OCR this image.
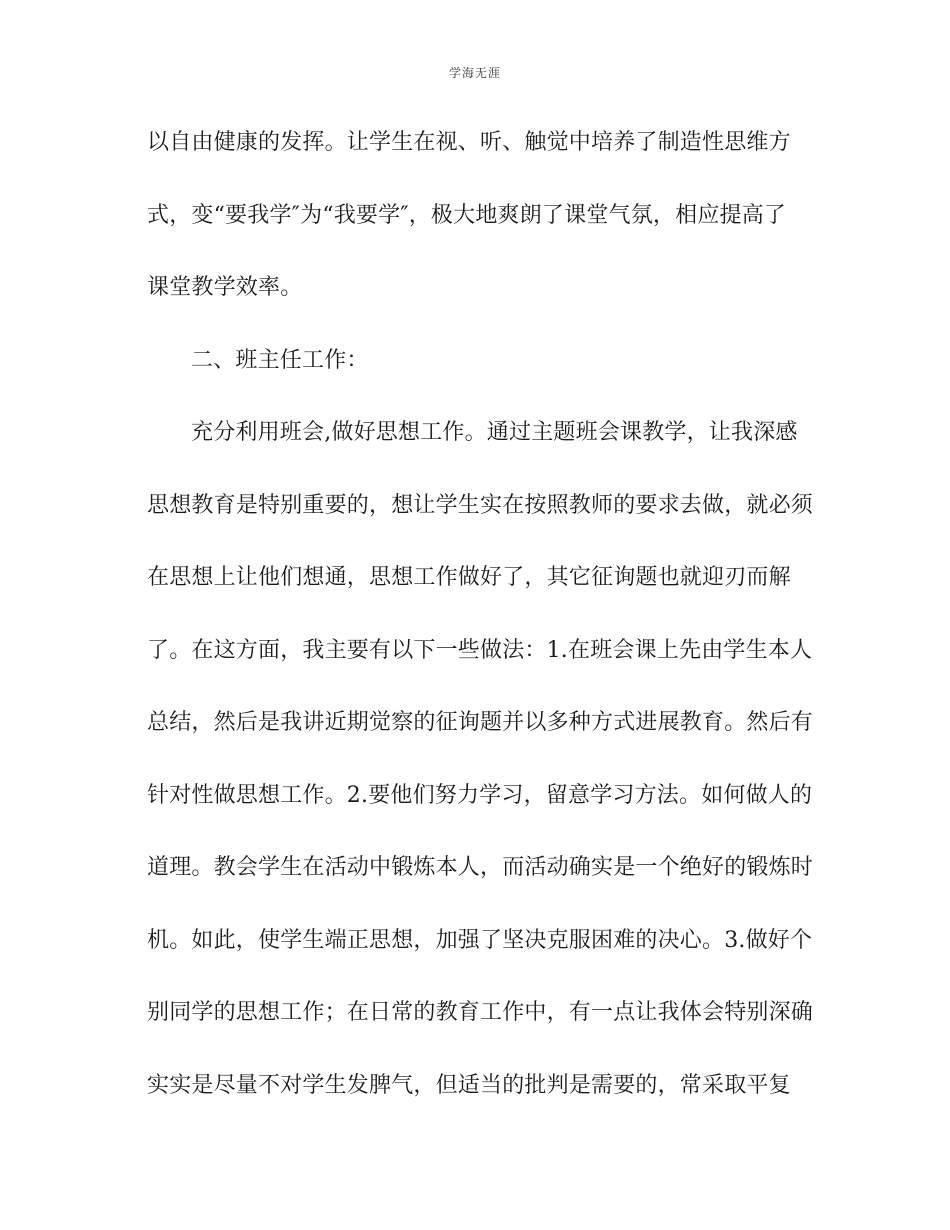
学海无涯
以自由健康的发挥。让学生在视、听、触觉中培养了制造性思维方
式，变“要我学″为“我要学″，极大地爽朗了课堂气氛，相应提高了
课堂教学效率。
二、班主任工作：
充分利用班会,做好思想工作。通过主题班会课教学，让我深感
思想教育是特别重要的，想让学生实在按照教师的要求去做，就必须
在思想上让他们想通，思想工作做好了，其它征询题也就迎刃而解
了。在这方面，我主要有以下一些做法：1.在班会课上先由学生本人
总结，然后是我讲近期觉察的征询题并以多种方式进展教育。然后有
针对性做思想工作。2.要他们努力学习，留意学习方法。如何做人的
道理。教会学生在活动中锻炼本人，而活动确实是一个绝好的锻炼时
机。如此，使学生端正思想，加强了坚决克服困难的决心。3.做好个
别同学的思想工作；在日常的教育工作中，有一点让我体会特别深确
实实是尽量不对学生发脾气，但适当的批判是需要的，常采取平复
